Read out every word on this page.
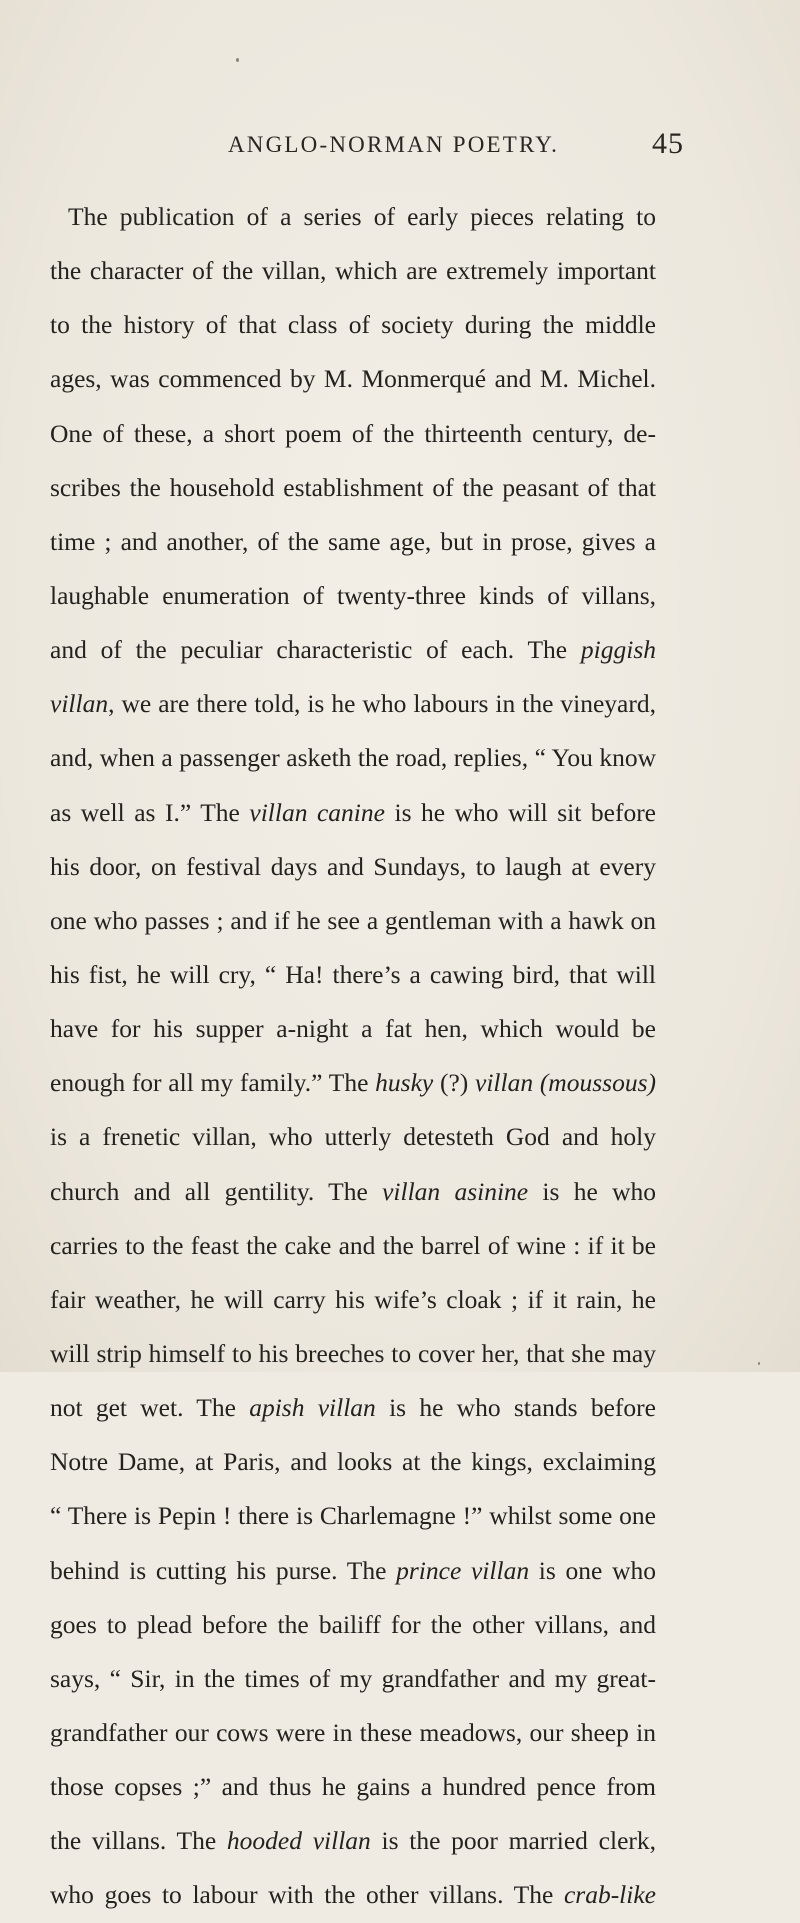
ANGLO-NORMAN POETRY.	45
The publication of a series of early pieces relating to
the character of the villan, which are extremely important
to the history of that class of society during the middle
ages, was commenced by M. Monmerqué and M. Michel.
One of these, a short poem of the thirteenth century, de-
scribes the household establishment of the peasant of that
time ; and another, of the same age, but in prose, gives a
laughable enumeration of twenty-three kinds of villans,
and of the peculiar characteristic of each. The piggish
villan, we are there told, is he who labours in the vineyard,
and, when a passenger asketh the road, replies, “ You know
as well as I.” The villan canine is he who will sit before
his door, on festival days and Sundays, to laugh at every
one who passes ; and if he see a gentleman with a hawk on
his fist, he will cry, “ Ha! there’s a cawing bird, that will
have for his supper a-night a fat hen, which would be
enough for all my family.” The husky (?) villan (moussous)
is a frenetic villan, who utterly detesteth God and holy
church and all gentility. The villan asinine is he who
carries to the feast the cake and the barrel of wine : if it be
fair weather, he will carry his wife’s cloak ; if it rain, he
will strip himself to his breeches to cover her, that she may
not get wet. The apish villan is he who stands before
Notre Dame, at Paris, and looks at the kings, exclaiming
“ There is Pepin ! there is Charlemagne !” whilst some one
behind is cutting his purse. The prince villan is one who
goes to plead before the bailiff for the other villans, and
says, “ Sir, in the times of my grandfather and my great-
grandfather our cows were in these meadows, our sheep in
those copses ;” and thus he gains a hundred pence from
the villans. The hooded villan is the poor married clerk,
who goes to labour with the other villans. The crab-like
